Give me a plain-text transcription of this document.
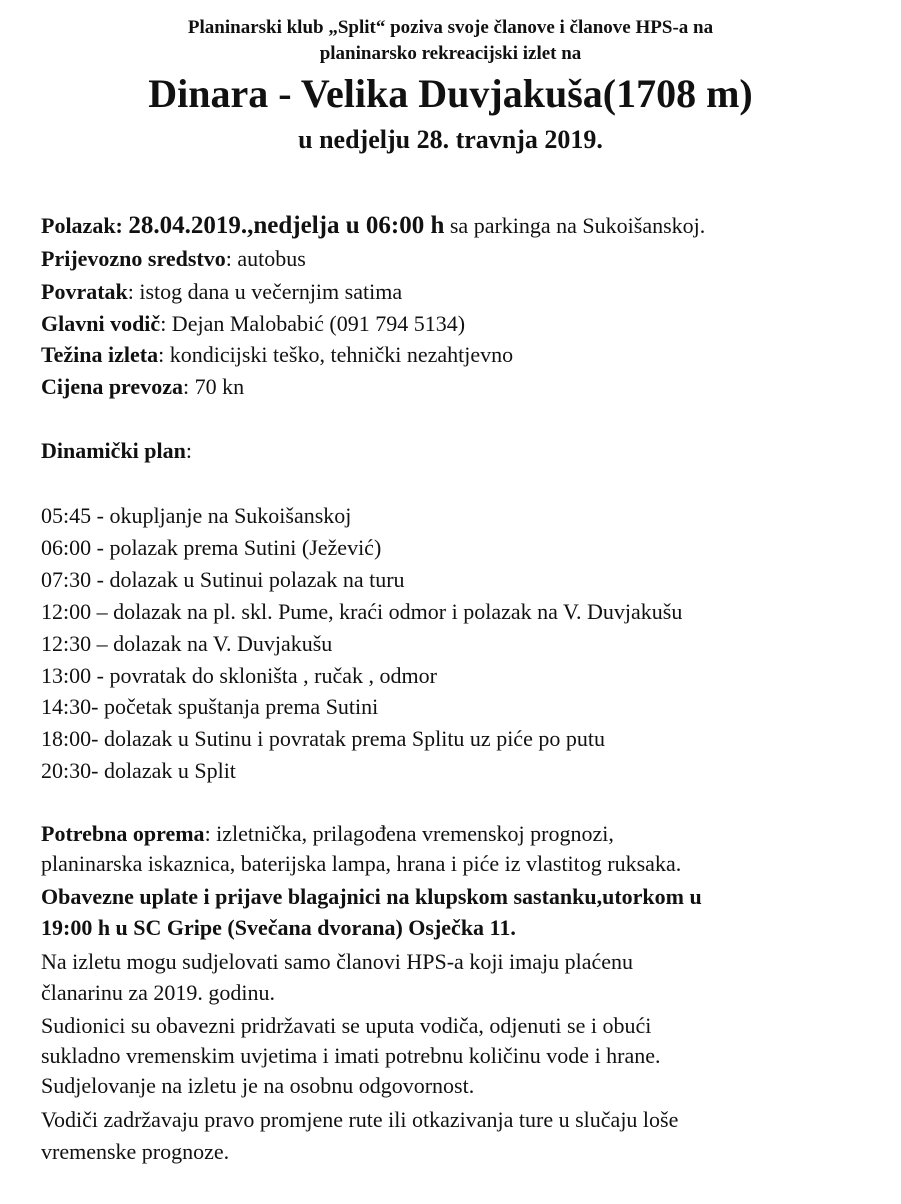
Planinarski klub „Split“ poziva svoje članove i članove HPS-a na
planinarsko rekreacijski izlet na
Dinara - Velika Duvjakuša(1708 m)
u nedjelju 28. travnja 2019.
Polazak: 28.04.2019.,nedjelja u 06:00 h sa parkinga na Sukoišanskoj.
Prijevozno sredstvo: autobus
Povratak: istog dana u večernjim satima
Glavni vodič: Dejan Malobabić (091 794 5134)
Težina izleta: kondicijski teško, tehnički nezahtjevno
Cijena prevoza: 70 kn
Dinamički plan:
05:45 - okupljanje na Sukoišanskoj
06:00 - polazak prema Sutini (Ježević)
07:30 - dolazak u Sutinui polazak na turu
12:00 – dolazak na pl. skl. Pume, kraći odmor i polazak na V. Duvjakušu
12:30 – dolazak na V. Duvjakušu
13:00 - povratak do skloništa , ručak , odmor
14:30- početak spuštanja prema Sutini
18:00- dolazak u Sutinu i povratak prema Splitu uz piće po putu
20:30- dolazak u Split
Potrebna oprema: izletnička, prilagođena vremenskoj prognozi,
planinarska iskaznica, baterijska lampa, hrana i piće iz vlastitog ruksaka.
Obavezne uplate i prijave blagajnici na klupskom sastanku,utorkom u
19:00 h u SC Gripe (Svečana dvorana) Osječka 11.
Na izletu mogu sudjelovati samo članovi HPS-a koji imaju plaćenu
članarinu za 2019. godinu.
Sudionici su obavezni pridržavati se uputa vodiča, odjenuti se i obući
sukladno vremenskim uvjetima i imati potrebnu količinu vode i hrane.
Sudjelovanje na izletu je na osobnu odgovornost.
Vodiči zadržavaju pravo promjene rute ili otkazivanja ture u slučaju loše
vremenske prognoze.
